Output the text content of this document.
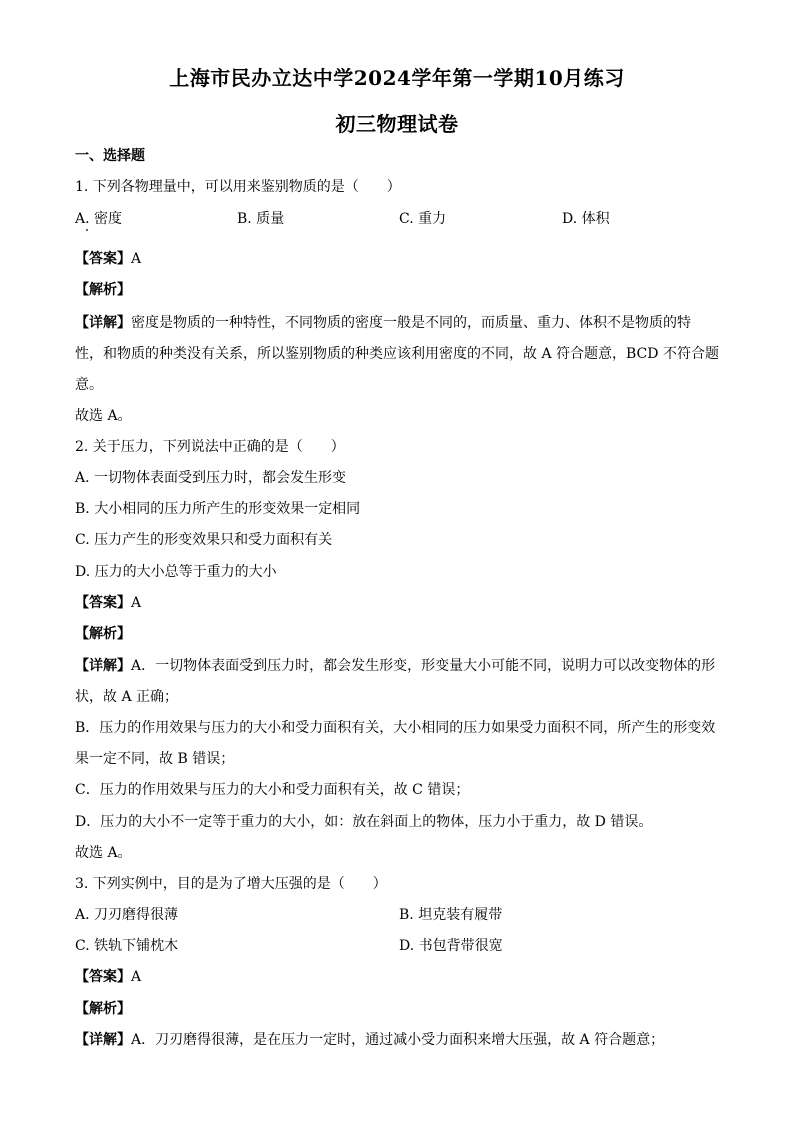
上海市民办立达中学2024学年第一学期10月练习
初三物理试卷
一、选择题
1. 下列各物理量中，可以用来鉴别物质的是（　　）
A. 密度	B. 质量	C. 重力	D. 体积
【答案】A
【解析】
【详解】密度是物质的一种特性，不同物质的密度一般是不同的，而质量、重力、体积不是物质的特
性，和物质的种类没有关系，所以鉴别物质的种类应该利用密度的不同，故 A 符合题意，BCD 不符合题
意。
故选 A。
2. 关于压力，下列说法中正确的是（　　）
A. 一切物体表面受到压力时，都会发生形变
B. 大小相同的压力所产生的形变效果一定相同
C. 压力产生的形变效果只和受力面积有关
D. 压力的大小总等于重力的大小
【答案】A
【解析】
【详解】A．一切物体表面受到压力时，都会发生形变，形变量大小可能不同，说明力可以改变物体的形
状，故 A 正确；
B．压力的作用效果与压力的大小和受力面积有关，大小相同的压力如果受力面积不同，所产生的形变效
果一定不同，故 B 错误；
C．压力的作用效果与压力的大小和受力面积有关，故 C 错误；
D．压力的大小不一定等于重力的大小，如：放在斜面上的物体，压力小于重力，故 D 错误。
故选 A。
3. 下列实例中，目的是为了增大压强的是（　　）
A. 刀刃磨得很薄	B. 坦克装有履带
C. 铁轨下铺枕木	D. 书包背带很宽
【答案】A
【解析】
【详解】A．刀刃磨得很薄，是在压力一定时，通过减小受力面积来增大压强，故 A 符合题意；
